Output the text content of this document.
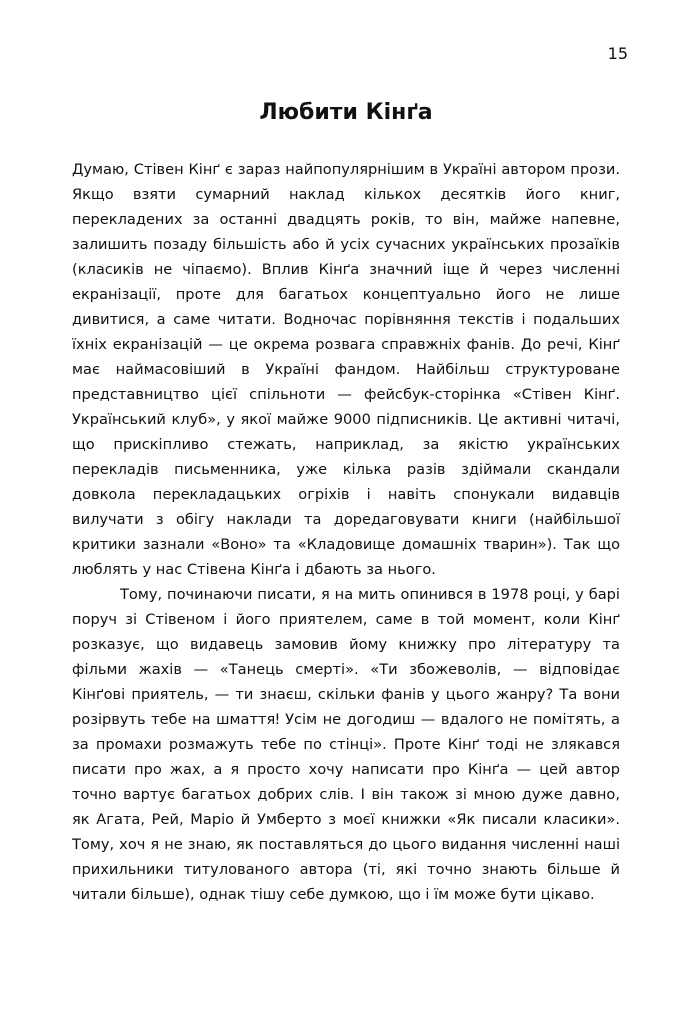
15
Любити Кінґа

Думаю, Стівен Кінґ є зараз найпопулярнішим в Україні автором прози. Якщо взяти сумарний наклад кількох десятків його книг, перекладених за останні двадцять років, то він, майже напевне, залишить позаду більшість або й усіх сучасних українських прозаїків (класиків не чіпаємо). Вплив Кінґа значний іще й через численні екранізації, проте для багатьох концептуально його не лише дивитися, а саме читати. Водночас порівняння текстів і подальших їхніх екранізацій — це окрема розвага справжніх фанів. До речі, Кінґ має наймасовіший в Україні фандом. Найбільш структуроване представництво цієї спільноти — фейсбук-сторінка «Стівен Кінґ. Український клуб», у якої майже 9000 підписників. Це активні читачі, що прискіпливо стежать, наприклад, за якістю українських перекладів письменника, уже кілька разів здіймали скандали довкола перекладацьких огріхів і навіть спонукали видавців вилучати з обігу наклади та доредаговувати книги (найбільшої критики зазнали «Воно» та «Кладовище домашніх тварин»). Так що люблять у нас Стівена Кінґа і дбають за нього.

Тому, починаючи писати, я на мить опинився в 1978 році, у барі поруч зі Стівеном і його приятелем, саме в той момент, коли Кінґ розказує, що видавець замовив йому книжку про літературу та фільми жахів — «Танець смерті». «Ти збожеволів, — відповідає Кінґові приятель, — ти знаєш, скільки фанів у цього жанру? Та вони розірвуть тебе на шматтяǃ Усім не догодиш — вдалого не помітять, а за промахи розмажуть тебе по стінці». Проте Кінґ тоді не злякався писати про жах, а я просто хочу написати про Кінґа — цей автор точно вартує багатьох добрих слів. І він також зі мною дуже давно, як Агата, Рей, Маріо й Умберто з моєї книжки «Як писали класики». Тому, хоч я не знаю, як поставляться до цього видання численні наші прихильники титулованого автора (ті, які точно знають більше й читали більше), однак тішу себе думкою, що і їм може бути цікаво.
